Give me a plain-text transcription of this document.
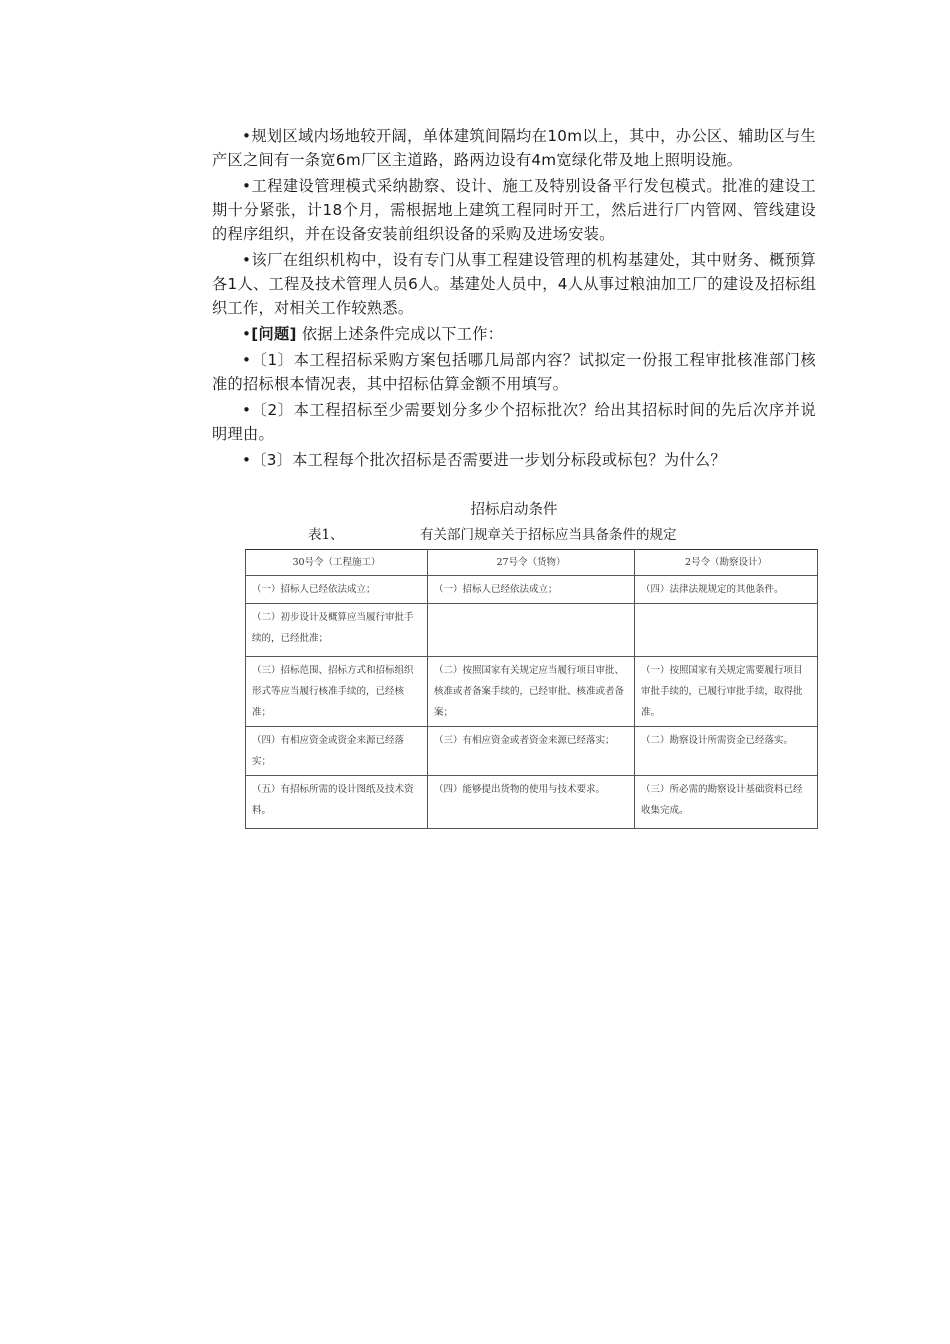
•规划区域内场地较开阔，单体建筑间隔均在10m以上，其中，办公区、辅助区与生产区之间有一条宽6m厂区主道路，路两边设有4m宽绿化带及地上照明设施。

•工程建设管理模式采纳勘察、设计、施工及特别设备平行发包模式。批准的建设工期十分紧张，计18个月，需根据地上建筑工程同时开工，然后进行厂内管网、管线建设的程序组织，并在设备安装前组织设备的采购及进场安装。

•该厂在组织机构中，设有专门从事工程建设管理的机构基建处，其中财务、概预算各1人、工程及技术管理人员6人。基建处人员中，4人从事过粮油加工厂的建设及招标组织工作，对相关工作较熟悉。

•[问题] 依据上述条件完成以下工作：

•〔1〕本工程招标采购方案包括哪几局部内容？试拟定一份报工程审批核准部门核准的招标根本情况表，其中招标估算金额不用填写。

•〔2〕本工程招标至少需要划分多少个招标批次？给出其招标时间的先后次序并说明理由。

•〔3〕本工程每个批次招标是否需要进一步划分标段或标包？为什么？

招标启动条件
表1、	有关部门规章关于招标应当具备条件的规定
30号令（工程施工）	27号令（货物）	2号令（勘察设计）
（一）招标人已经依法成立；	（一）招标人已经依法成立；	（四）法律法规规定的其他条件。
（二）初步设计及概算应当履行审批手续的，已经批准；		
（三）招标范围、招标方式和招标组织形式等应当履行核准手续的，已经核准；	（二）按照国家有关规定应当履行项目审批、核准或者备案手续的，已经审批、核准或者备案；	（一）按照国家有关规定需要履行项目审批手续的，已履行审批手续，取得批准。
（四）有相应资金或资金来源已经落实；	（三）有相应资金或者资金来源已经落实；	（二）勘察设计所需资金已经落实。
（五）有招标所需的设计图纸及技术资料。	（四）能够提出货物的使用与技术要求。	（三）所必需的勘察设计基础资料已经收集完成。
